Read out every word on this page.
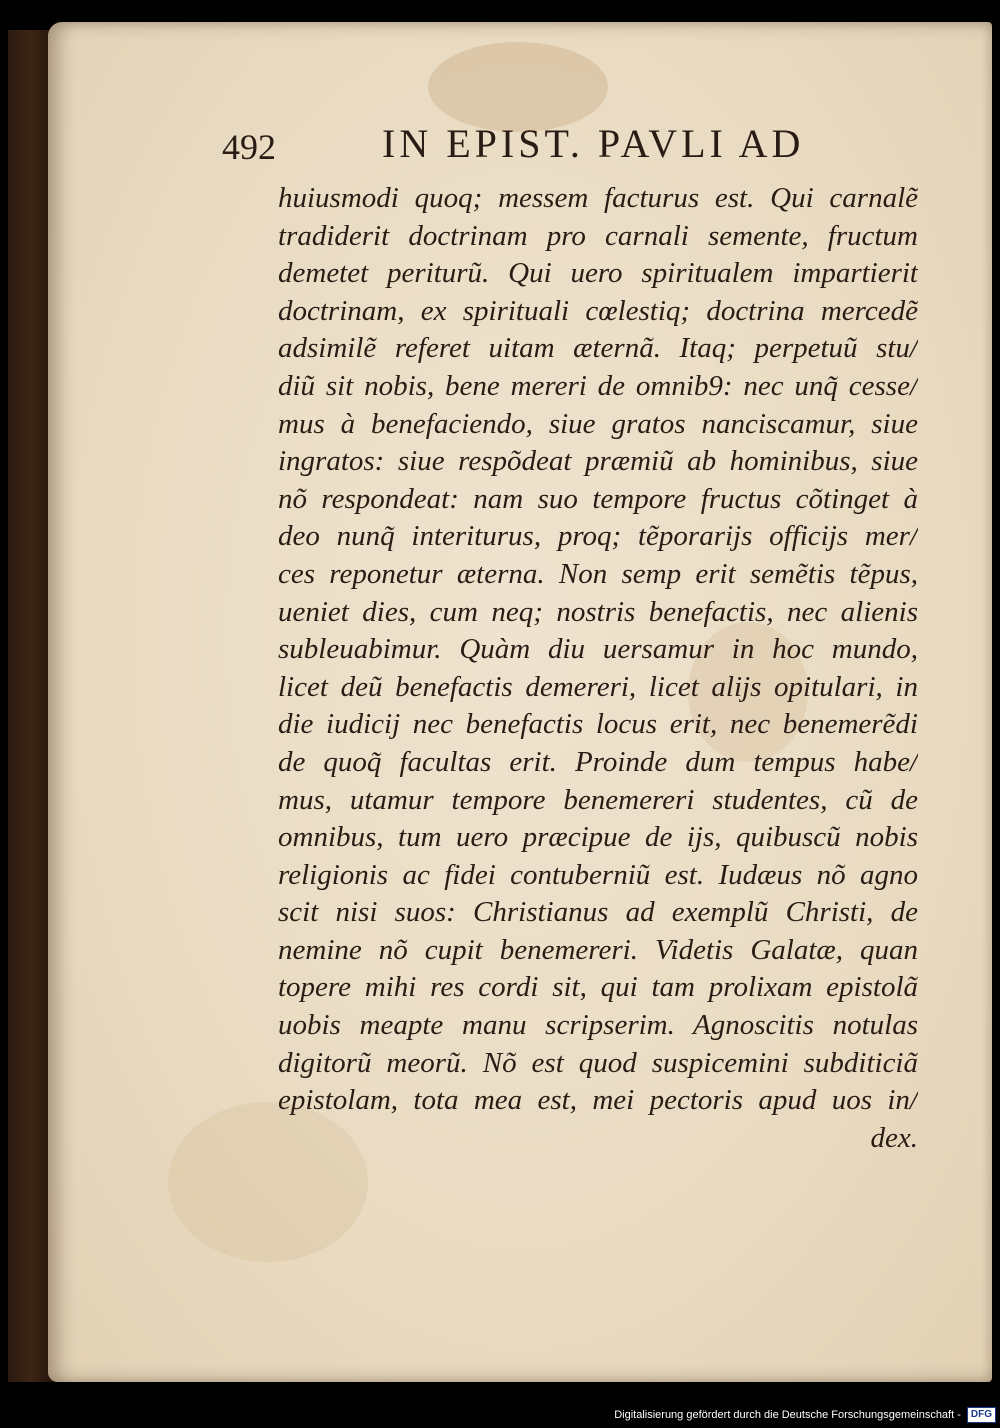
492	IN EPIST. PAVLI AD
huiusmodi quoq; messem facturus est. Qui carnalẽ
tradiderit doctrinam pro carnali semente, fructum
demetet periturũ. Qui uero spiritualem impartierit
doctrinam, ex spirituali cœlestiq; doctrina mercedẽ
adsimilẽ referet uitam æternã. Itaq; perpetuũ stu/
diũ sit nobis, bene mereri de omnib9: nec unq̃ cesse/
mus à benefaciendo, siue gratos nanciscamur, siue
ingratos: siue respõdeat præmiũ ab hominibus, siue
nõ respondeat: nam suo tempore fructus cõtinget à
deo nunq̃ interiturus, proq; tẽporarijs officijs mer/
ces reponetur æterna. Non semp erit semẽtis tẽpus,
ueniet dies, cum neq; nostris benefactis, nec alienis
subleuabimur. Quàm diu uersamur in hoc mundo,
licet deũ benefactis demereri, licet alijs opitulari, in
die iudicij nec benefactis locus erit, nec benemerẽdi
de quoq̃ facultas erit. Proinde dum tempus habe/
mus, utamur tempore benemereri studentes, cũ de
omnibus, tum uero præcipue de ijs, quibuscũ nobis
religionis ac fidei contuberniũ est. Iudæus nõ agno
scit nisi suos: Christianus ad exemplũ Christi, de
nemine nõ cupit benemereri. Videtis Galatæ, quan
topere mihi res cordi sit, qui tam prolixam epistolã
uobis meapte manu scripserim. Agnoscitis notulas
digitorũ meorũ. Nõ est quod suspicemini subditiciã
epistolam, tota mea est, mei pectoris apud uos in/
dex.
Digitalisierung gefördert durch die Deutsche Forschungsgemeinschaft -	DFG
